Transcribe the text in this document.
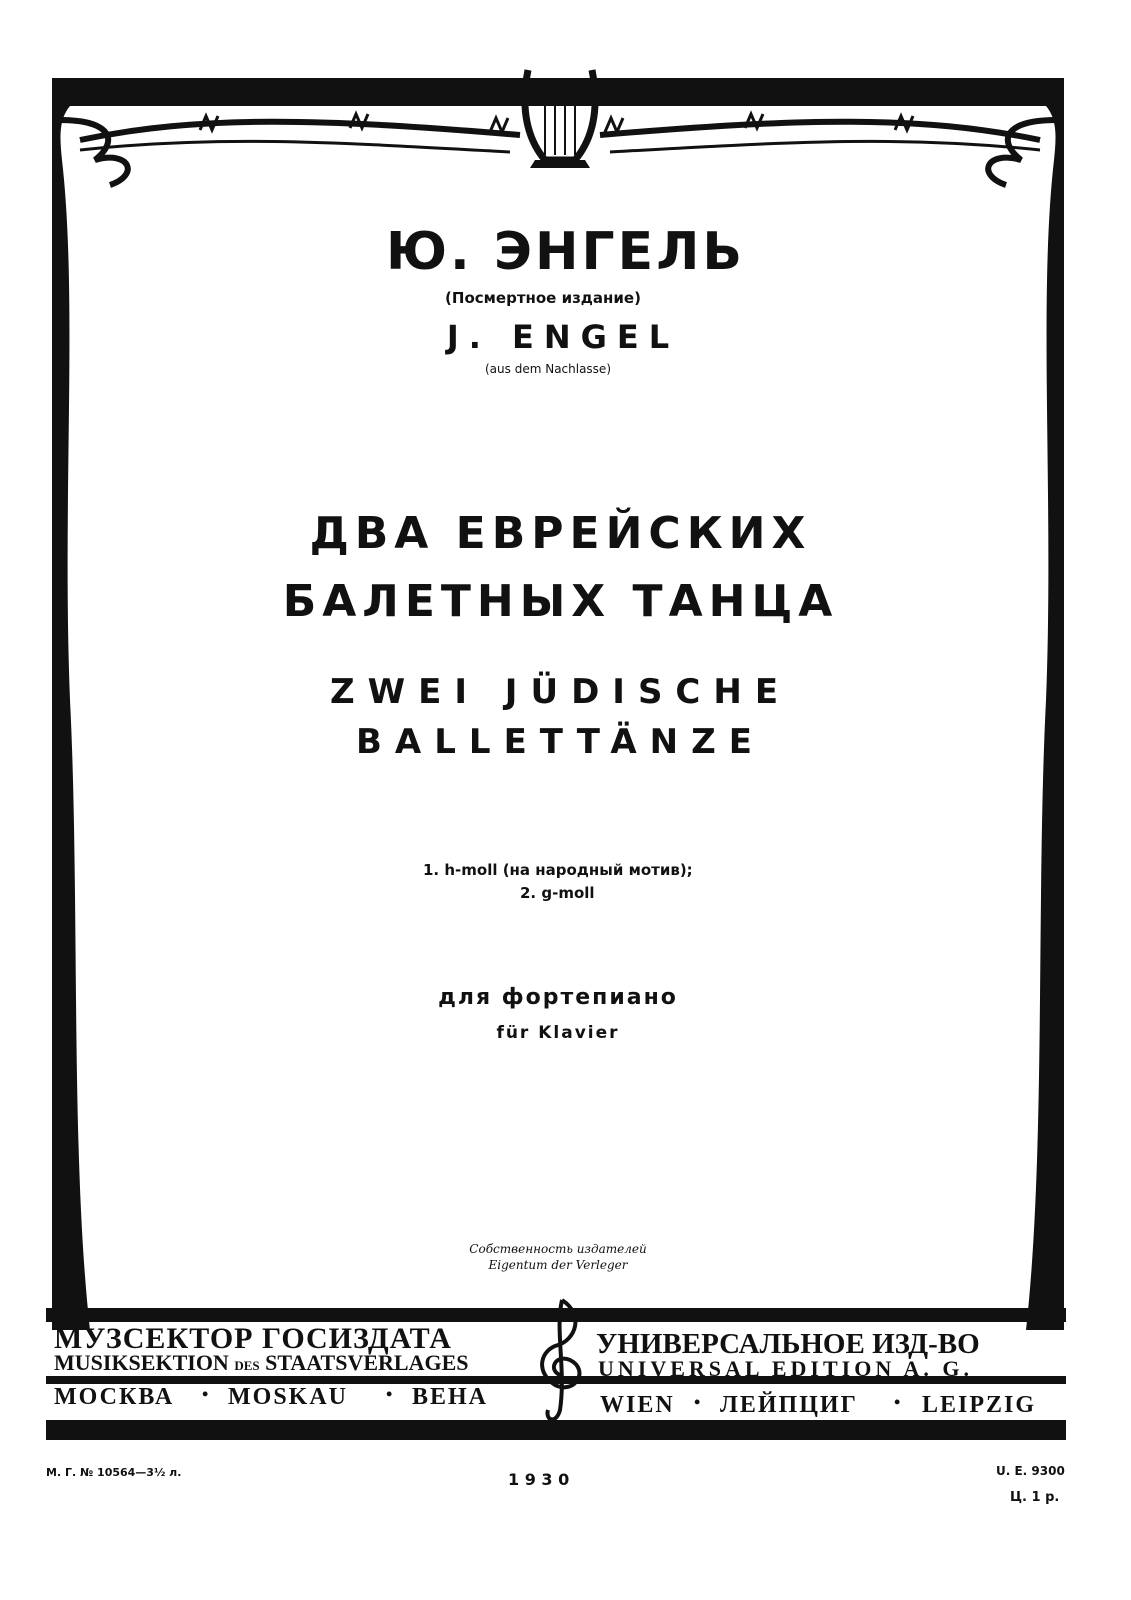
Ю. ЭНГЕЛЬ
(Посмертное издание)
J. ENGEL
(aus dem Nachlasse)
ДВА ЕВРЕЙСКИХ
БАЛЕТНЫХ ТАНЦА
ZWEI JÜDISCHE
BALLETTÄNZE
1. h-moll (на народный мотив);
2. g-moll
для фортепиано
für Klavier
Собственность издателей
Eigentum der Verleger
МУЗСЕКТОР ГОСИЗДАТА
MUSIKSEKTION DES STAATSVERLAGES
УНИВЕРСАЛЬНОЕ ИЗД-ВО
UNIVERSAL EDITION A. G.
МОСКВА • MOSKAU • ВЕНА	WIEN • ЛЕЙПЦИГ • LEIPZIG
М. Г. № 10564—3½ л.	1 9 3 0	U. E. 9300
Ц. 1 р.
